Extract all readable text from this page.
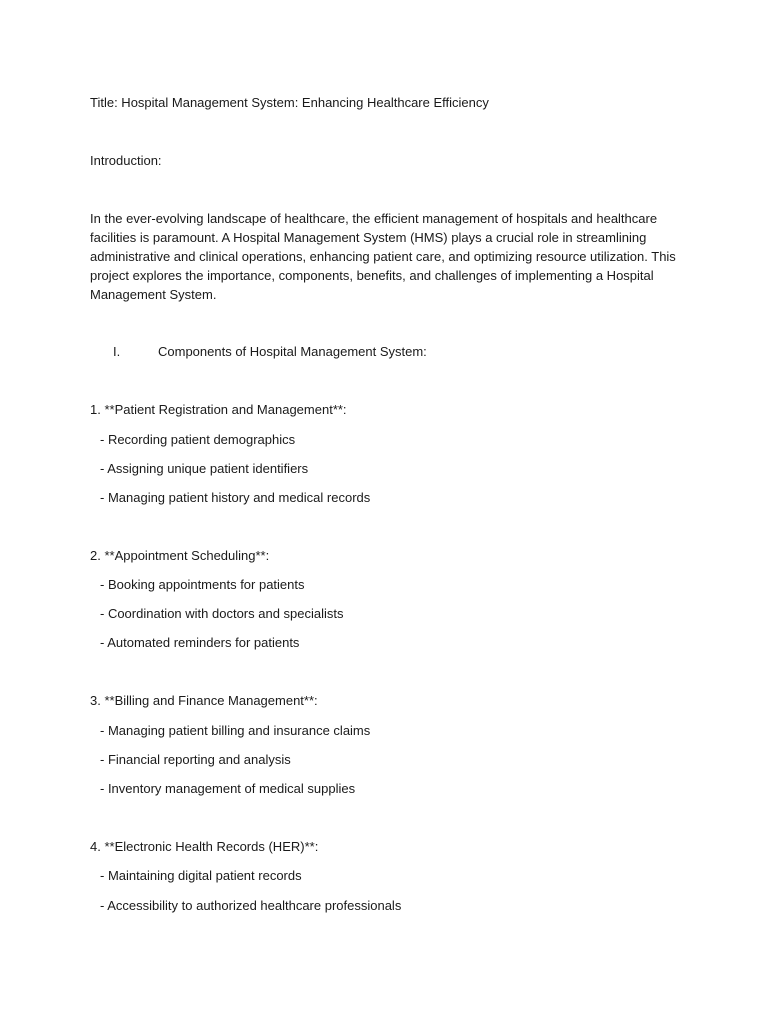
Title: Hospital Management System: Enhancing Healthcare Efficiency
Introduction:
In the ever-evolving landscape of healthcare, the efficient management of hospitals and healthcare
facilities is paramount. A Hospital Management System (HMS) plays a crucial role in streamlining
administrative and clinical operations, enhancing patient care, and optimizing resource utilization. This
project explores the importance, components, benefits, and challenges of implementing a Hospital
Management System.
I.	Components of Hospital Management System:
1. **Patient Registration and Management**:
- Recording patient demographics
- Assigning unique patient identifiers
- Managing patient history and medical records
2. **Appointment Scheduling**:
- Booking appointments for patients
- Coordination with doctors and specialists
- Automated reminders for patients
3. **Billing and Finance Management**:
- Managing patient billing and insurance claims
- Financial reporting and analysis
- Inventory management of medical supplies
4. **Electronic Health Records (HER)**:
- Maintaining digital patient records
- Accessibility to authorized healthcare professionals
